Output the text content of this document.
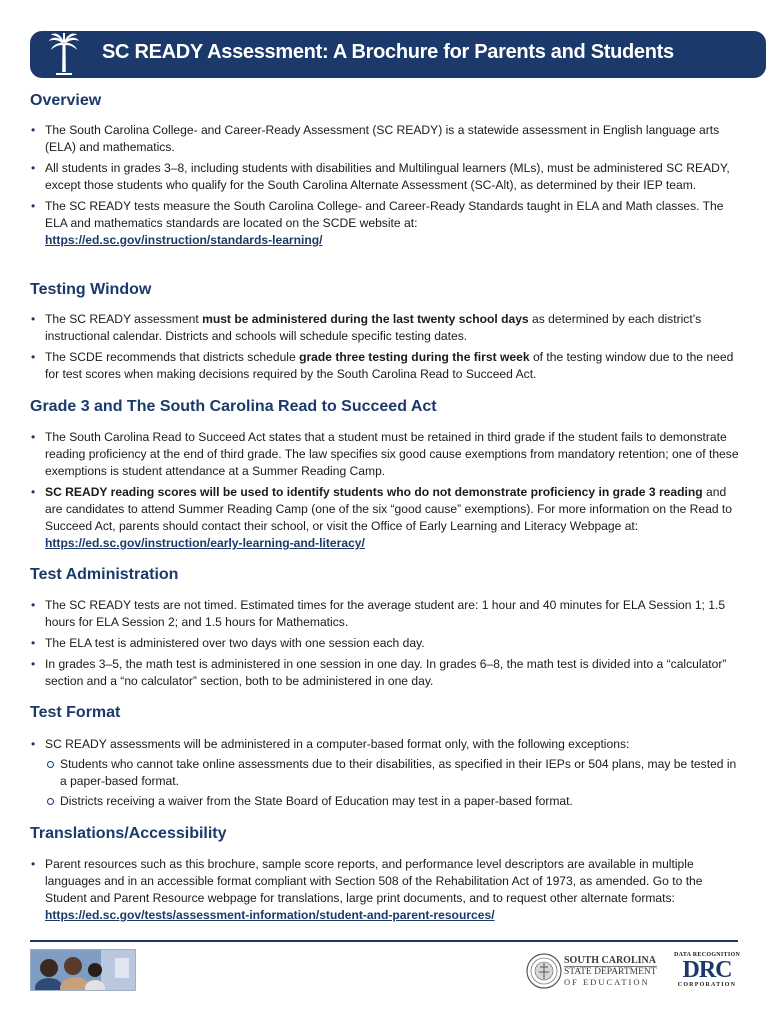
SC READY Assessment: A Brochure for Parents and Students
Overview
• The South Carolina College- and Career-Ready Assessment (SC READY) is a statewide assessment in English language arts (ELA) and mathematics.
• All students in grades 3–8, including students with disabilities and Multilingual learners (MLs), must be administered SC READY, except those students who qualify for the South Carolina Alternate Assessment (SC-Alt), as determined by their IEP team.
• The SC READY tests measure the South Carolina College- and Career-Ready Standards taught in ELA and Math classes. The ELA and mathematics standards are located on the SCDE website at:
https://ed.sc.gov/instruction/standards-learning/
Testing Window
• The SC READY assessment must be administered during the last twenty school days as determined by each district’s instructional calendar. Districts and schools will schedule specific testing dates.
• The SCDE recommends that districts schedule grade three testing during the first week of the testing window due to the need for test scores when making decisions required by the South Carolina Read to Succeed Act.
Grade 3 and The South Carolina Read to Succeed Act
• The South Carolina Read to Succeed Act states that a student must be retained in third grade if the student fails to demonstrate reading proficiency at the end of third grade. The law specifies six good cause exemptions from mandatory retention; one of these exemptions is student attendance at a Summer Reading Camp.
• SC READY reading scores will be used to identify students who do not demonstrate proficiency in grade 3 reading and are candidates to attend Summer Reading Camp (one of the six “good cause” exemptions). For more information on the Read to Succeed Act, parents should contact their school, or visit the Office of Early Learning and Literacy Webpage at: https://ed.sc.gov/instruction/early-learning-and-literacy/
Test Administration
• The SC READY tests are not timed. Estimated times for the average student are: 1 hour and 40 minutes for ELA Session 1; 1.5 hours for ELA Session 2; and 1.5 hours for Mathematics.
• The ELA test is administered over two days with one session each day.
• In grades 3–5, the math test is administered in one session in one day. In grades 6–8, the math test is divided into a “calculator” section and a “no calculator” section, both to be administered in one day.
Test Format
• SC READY assessments will be administered in a computer-based format only, with the following exceptions:
Students who cannot take online assessments due to their disabilities, as specified in their IEPs or 504 plans, may be tested in a paper-based format.
Districts receiving a waiver from the State Board of Education may test in a paper-based format.
Translations/Accessibility
• Parent resources such as this brochure, sample score reports, and performance level descriptors are available in multiple languages and in an accessible format compliant with Section 508 of the Rehabilitation Act of 1973, as amended. Go to the Student and Parent Resource webpage for translations, large print documents, and to request other alternate formats:
https://ed.sc.gov/tests/assessment-information/student-and-parent-resources/
SOUTH CAROLINA
STATE DEPARTMENT
OF EDUCATION
DATA RECOGNITION
DRC
CORPORATION
